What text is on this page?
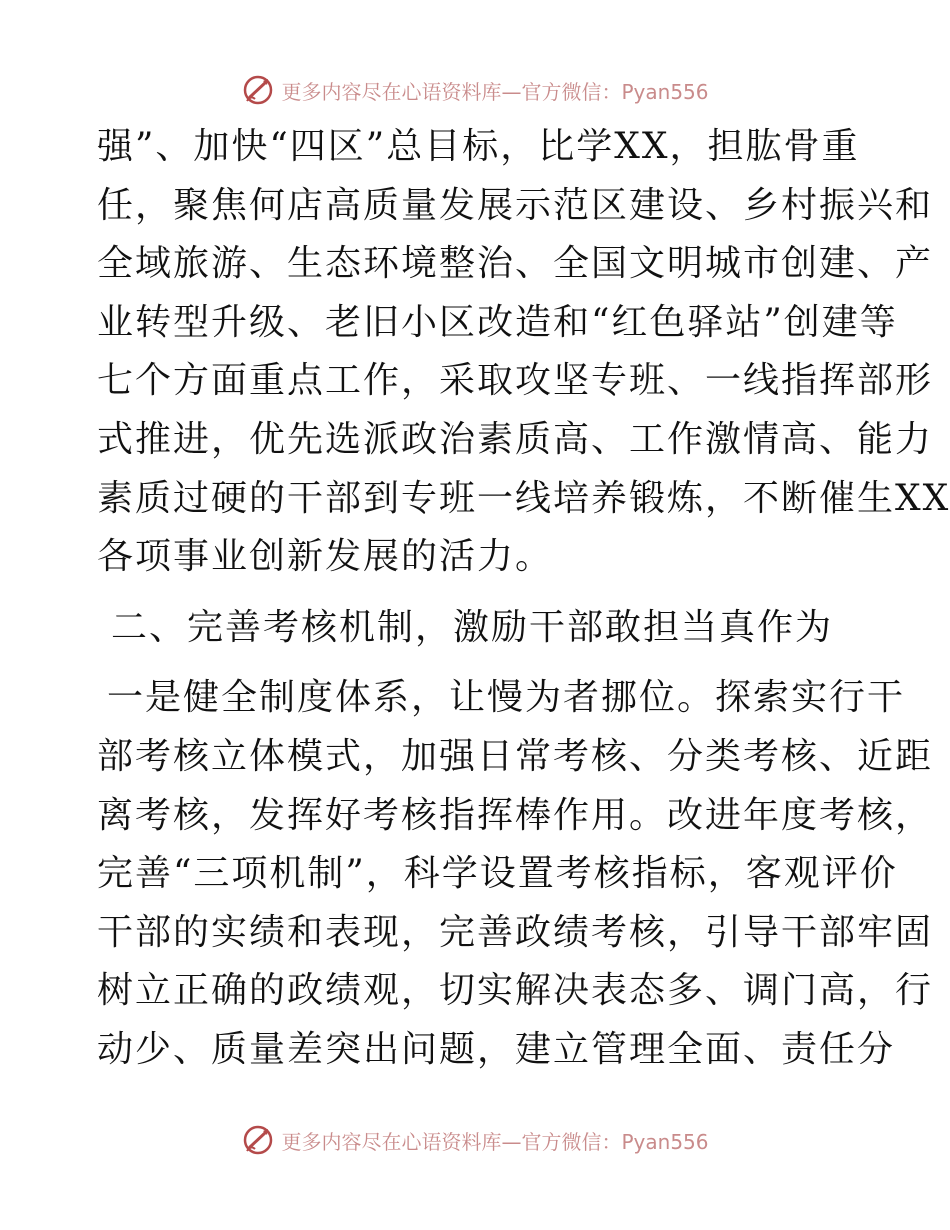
更多内容尽在心语资料库—官方微信：Pyan556
强”、加快“四区”总目标，比学XX，担肱骨重
任，聚焦何店高质量发展示范区建设、乡村振兴和
全域旅游、生态环境整治、全国文明城市创建、产
业转型升级、老旧小区改造和“红色驿站”创建等
七个方面重点工作，采取攻坚专班、一线指挥部形
式推进，优先选派政治素质高、工作激情高、能力
素质过硬的干部到专班一线培养锻炼，不断催生XX
各项事业创新发展的活力。
二、完善考核机制，激励干部敢担当真作为
一是健全制度体系，让慢为者挪位。探索实行干
部考核立体模式，加强日常考核、分类考核、近距
离考核，发挥好考核指挥棒作用。改进年度考核，
完善“三项机制”，科学设置考核指标，客观评价
干部的实绩和表现，完善政绩考核，引导干部牢固
树立正确的政绩观，切实解决表态多、调门高，行
动少、质量差突出问题，建立管理全面、责任分
更多内容尽在心语资料库—官方微信：Pyan556
